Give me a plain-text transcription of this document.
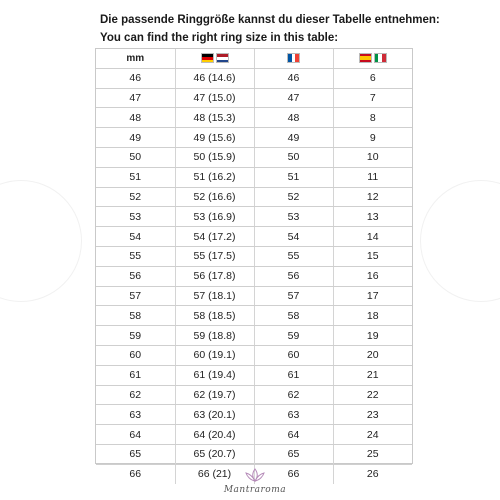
Die passende Ringgröße kannst du dieser Tabelle entnehmen:
You can find the right ring size in this table:
mm	

46	46 (14.6)	46	6
47	47 (15.0)	47	7
48	48 (15.3)	48	8
49	49 (15.6)	49	9
50	50 (15.9)	50	10
51	51 (16.2)	51	11
52	52 (16.6)	52	12
53	53 (16.9)	53	13
54	54 (17.2)	54	14
55	55 (17.5)	55	15
56	56 (17.8)	56	16
57	57 (18.1)	57	17
58	58 (18.5)	58	18
59	59 (18.8)	59	19
60	60 (19.1)	60	20
61	61 (19.4)	61	21
62	62 (19.7)	62	22
63	63 (20.1)	63	23
64	64 (20.4)	64	24
65	65 (20.7)	65	25
66	66 (21)	66	26
Mantraroma
